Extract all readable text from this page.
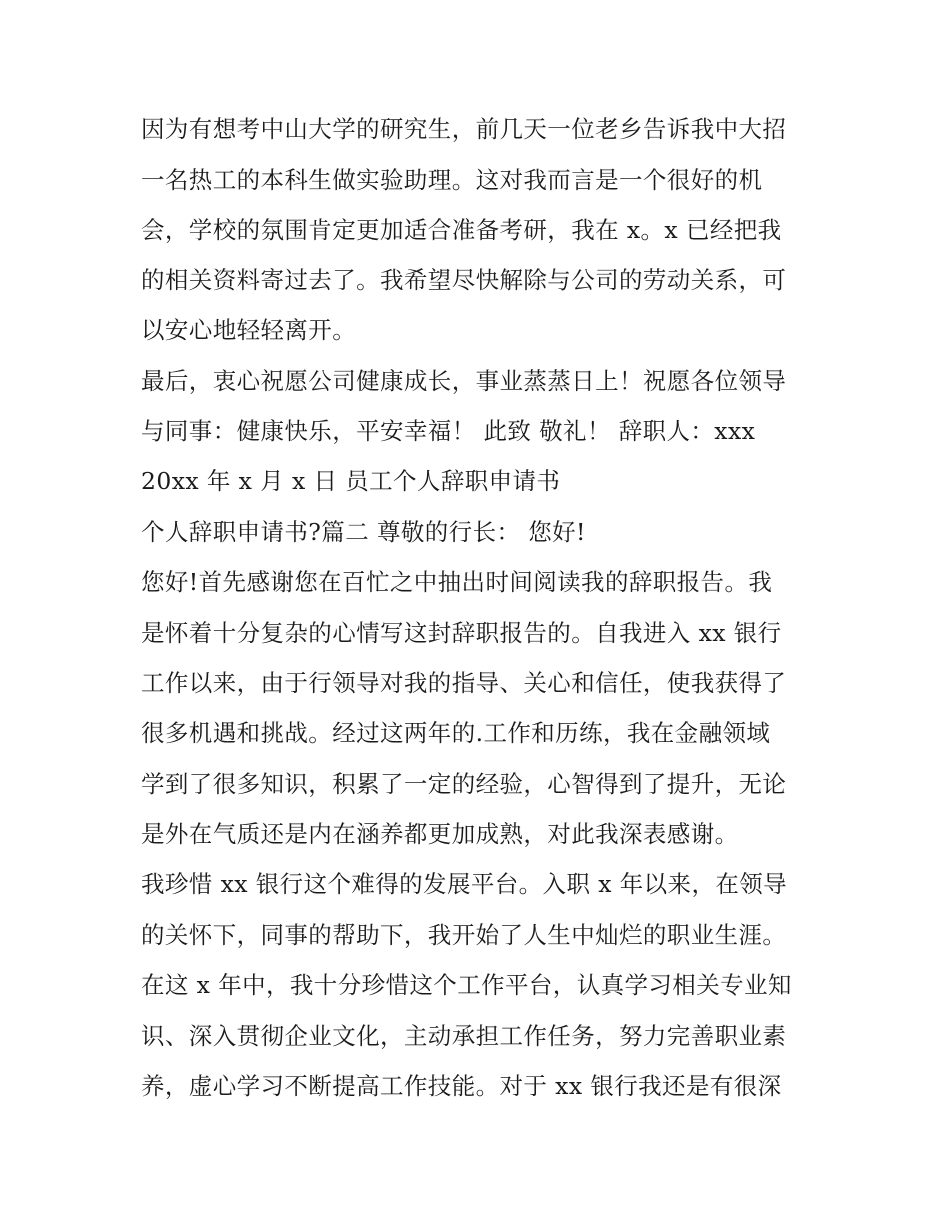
因为有想考中山大学的研究生，前几天一位老乡告诉我中大招
一名热工的本科生做实验助理。这对我而言是一个很好的机
会，学校的氛围肯定更加适合准备考研，我在 x。x 已经把我
的相关资料寄过去了。我希望尽快解除与公司的劳动关系，可
以安心地轻轻离开。
最后，衷心祝愿公司健康成长，事业蒸蒸日上！祝愿各位领导
与同事：健康快乐，平安幸福！ 此致 敬礼！ 辞职人：xxx
20xx 年 x 月 x 日 员工个人辞职申请书
个人辞职申请书?篇二 尊敬的行长： 您好!
您好!首先感谢您在百忙之中抽出时间阅读我的辞职报告。我
是怀着十分复杂的心情写这封辞职报告的。自我进入 xx 银行
工作以来，由于行领导对我的指导、关心和信任，使我获得了
很多机遇和挑战。经过这两年的.工作和历练，我在金融领域
学到了很多知识，积累了一定的经验，心智得到了提升，无论
是外在气质还是内在涵养都更加成熟，对此我深表感谢。
我珍惜 xx 银行这个难得的发展平台。入职 x 年以来，在领导
的关怀下，同事的帮助下，我开始了人生中灿烂的职业生涯。
在这 x 年中，我十分珍惜这个工作平台，认真学习相关专业知
识、深入贯彻企业文化，主动承担工作任务，努力完善职业素
养，虚心学习不断提高工作技能。对于 xx 银行我还是有很深
